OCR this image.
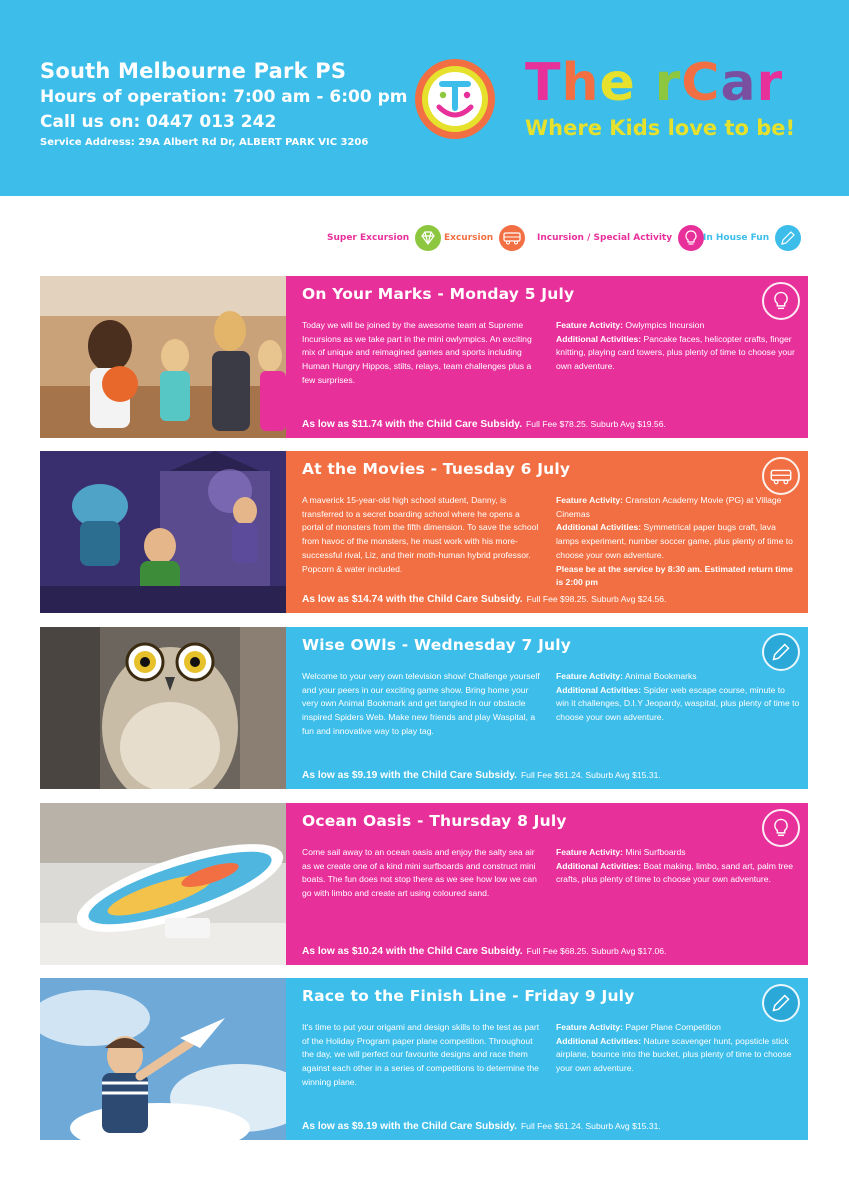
South Melbourne Park PS
Hours of operation: 7:00 am - 6:00 pm
Call us on: 0447 013 242
Service Address: 29A Albert Rd Dr, ALBERT PARK VIC 3206
TheirCare
Where Kids love to be!
Super Excursion	Excursion	Incursion / Special Activity	In House Fun
On Your Marks - Monday 5 July
Today we will be joined by the awesome team at Supreme Incursions as we take part in the mini owlympics. An exciting mix of unique and reimagined games and sports including Human Hungry Hippos, stilts, relays, team challenges plus a few surprises.
Feature Activity: Owlympics Incursion
Additional Activities: Pancake faces, helicopter crafts, finger knitting, playing card towers, plus plenty of time to choose your own adventure.
As low as $11.74 with the Child Care Subsidy. Full Fee $78.25. Suburb Avg $19.56.
At the Movies - Tuesday 6 July
A maverick 15-year-old high school student, Danny, is transferred to a secret boarding school where he opens a portal of monsters from the fifth dimension. To save the school from havoc of the monsters, he must work with his more-successful rival, Liz, and their moth-human hybrid professor. Popcorn & water included.
Feature Activity: Cranston Academy Movie (PG) at Village Cinemas
Additional Activities: Symmetrical paper bugs craft, lava lamps experiment, number soccer game, plus plenty of time to choose your own adventure.
Please be at the service by 8:30 am. Estimated return time is 2:00 pm
As low as $14.74 with the Child Care Subsidy. Full Fee $98.25. Suburb Avg $24.56.
Wise OWls - Wednesday 7 July
Welcome to your very own television show! Challenge yourself and your peers in our exciting game show. Bring home your very own Animal Bookmark and get tangled in our obstacle inspired Spiders Web. Make new friends and play Waspital, a fun and innovative way to play tag.
Feature Activity: Animal Bookmarks
Additional Activities: Spider web escape course, minute to win it challenges, D.I.Y Jeopardy, waspital, plus plenty of time to choose your own adventure.
As low as $9.19 with the Child Care Subsidy. Full Fee $61.24. Suburb Avg $15.31.
Ocean Oasis - Thursday 8 July
Come sail away to an ocean oasis and enjoy the salty sea air as we create one of a kind mini surfboards and construct mini boats. The fun does not stop there as we see how low we can go with limbo and create art using coloured sand.
Feature Activity: Mini Surfboards
Additional Activities: Boat making, limbo, sand art, palm tree crafts, plus plenty of time to choose your own adventure.
As low as $10.24 with the Child Care Subsidy. Full Fee $68.25. Suburb Avg $17.06.
Race to the Finish Line - Friday 9 July
It's time to put your origami and design skills to the test as part of the Holiday Program paper plane competition. Throughout the day, we will perfect our favourite designs and race them against each other in a series of competitions to determine the winning plane.
Feature Activity: Paper Plane Competition
Additional Activities: Nature scavenger hunt, popsticle stick airplane, bounce into the bucket, plus plenty of time to choose your own adventure.
As low as $9.19 with the Child Care Subsidy. Full Fee $61.24. Suburb Avg $15.31.
